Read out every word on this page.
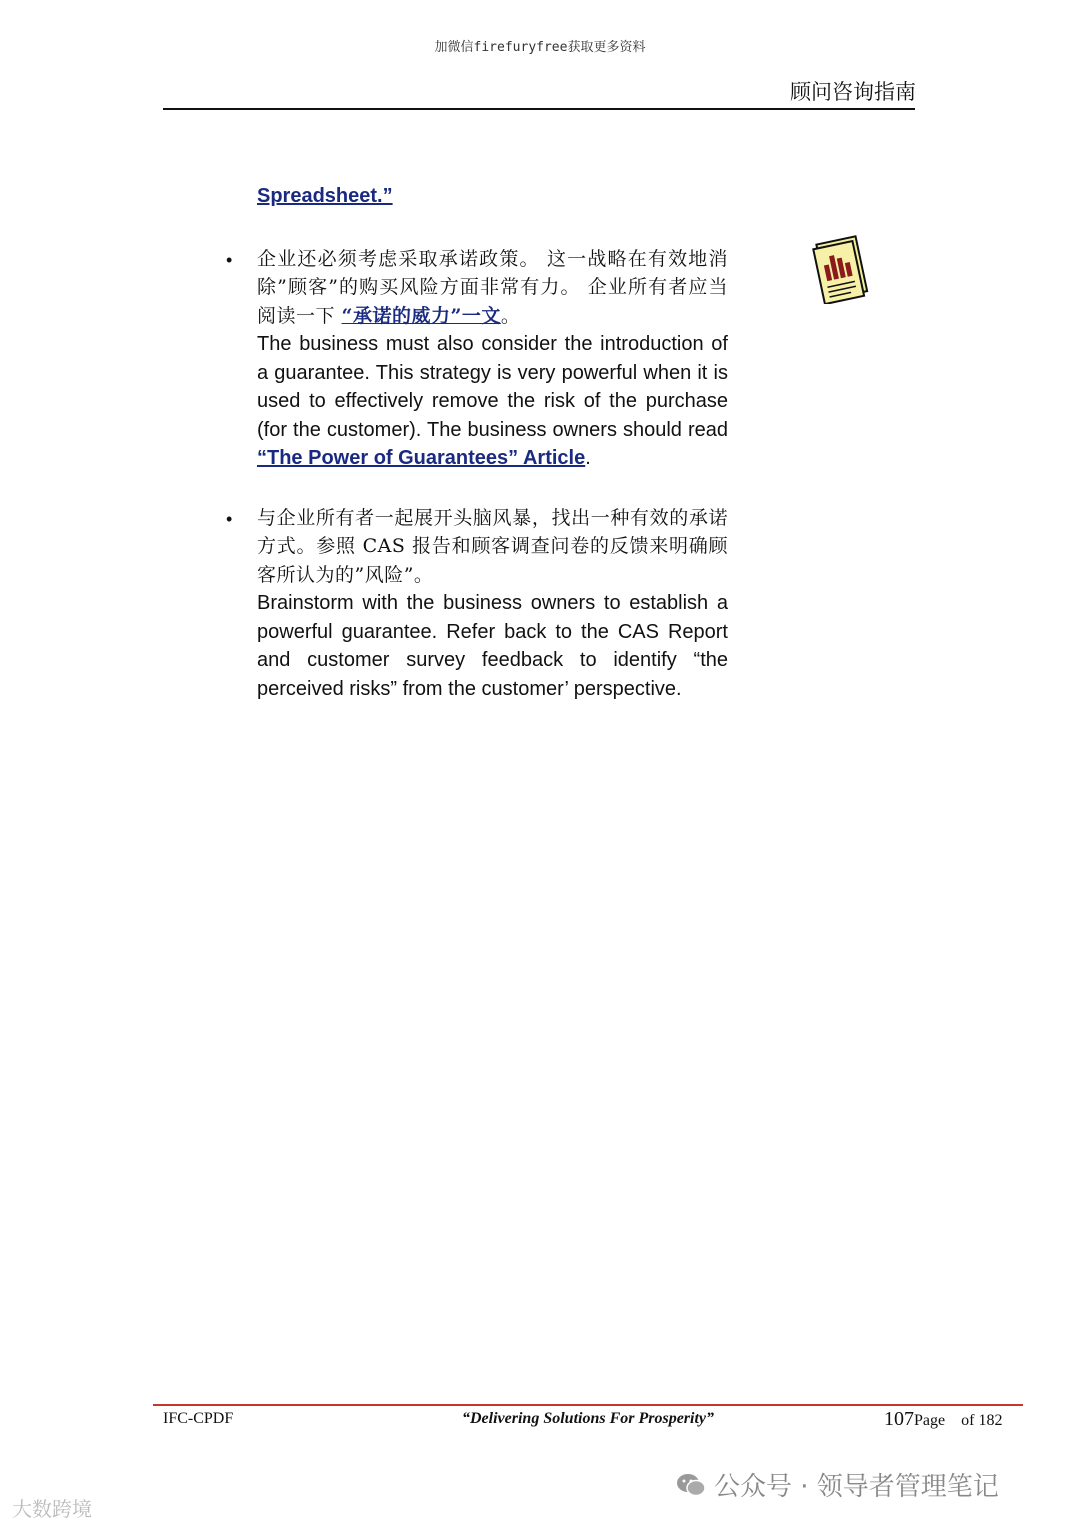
加微信firefuryfree获取更多资料
顾问咨询指南
Spreadsheet.”
• 企业还必须考虑采取承诺政策。 这一战略在有效地消除”顾客”的购买风险方面非常有力。 企业所有者应当阅读一下 “承诺的威力”一文。
The business must also consider the introduction of a guarantee. This strategy is very powerful when it is used to effectively remove the risk of the purchase (for the customer). The business owners should read “The Power of Guarantees” Article.
• 与企业所有者一起展开头脑风暴，找出一种有效的承诺方式。参照 CAS 报告和顾客调查问卷的反馈来明确顾客所认为的”风险”。
Brainstorm with the business owners to establish a powerful guarantee. Refer back to the CAS Report and customer survey feedback to identify “the perceived risks” from the customer’ perspective.
IFC-CPDF	“Delivering Solutions For Prosperity”	107Page of 182
大数跨境
公众号 · 领导者管理笔记
